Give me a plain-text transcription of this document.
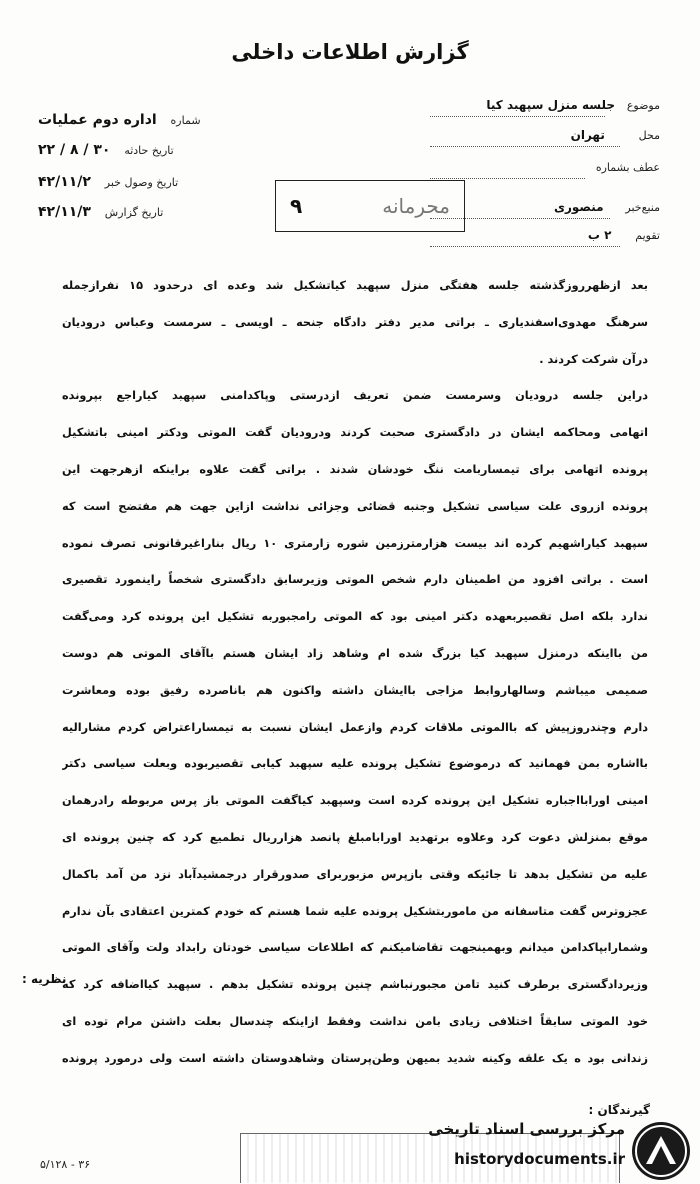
گزارش اطلاعات داخلی
موضوع جلسه منزل سپهبد کیا
محل تهران
عطف بشماره
منبع‌خبر منصوری
تقویم ۲ ب
شماره اداره دوم عملیات
تاریخ حادثه ۳۰ / ۸ / ۲۲
تاریخ وصول خبر ۴۲/۱۱/۲
تاریخ گزارش ۴۲/۱۱/۳	محرمانه
۹
بعد ازظهرروزگذشته جلسه هفتگی منزل سپهبد کیاتشکیل شد وعده ای درحدود ۱۵ نفرازجمله
سرهنگ مهدوی‌اسفندیاری ـ براتی مدیر دفتر دادگاه جنحه ـ اویسی ـ سرمست وعباس درودیان
درآن شرکت کردند .
دراین جلسه درودیان وسرمست ضمن تعریف ازدرستی وپاکدامنی سپهبد کیاراجع بپرونده
اتهامی ومحاکمه ایشان در دادگستری صحبت کردند ودرودیان گفت الموتی ودکتر امینی باتشکیل
پرونده اتهامی برای تیمساربامت ننگ خودشان شدند . براتی گفت علاوه براینکه ازهرجهت این
پرونده ازروی علت سیاسی تشکیل وجنبه قضائی وجزائی نداشت ازاین جهت هم مفتضح است که
سپهبد کیاراشهیم کرده اند بیست هزارمترزمین شوره زارمتری ۱۰ ریال بناراغیرقانونی تصرف نموده
است . براتی افزود من اطمینان دارم شخص الموتی وزیرسابق دادگستری شخصاً راینمورد تقصیری
ندارد بلکه اصل تقصیربعهده دکتر امینی بود که الموتی رامجبوربه تشکیل این پرونده کرد ومی‌گفت
من بااینکه درمنزل سپهبد کیا بزرگ شده ام وشاهد زاد ایشان هستم باآقای الموتی هم دوست
صمیمی میباشم وسالهاروابط مزاجی باایشان داشته واکنون هم باناصرده رفیق بوده ومعاشرت
دارم وچندروزپیش که باالموتی ملاقات کردم وازعمل ایشان نسبت به تیمساراعتراض کردم مشارالیه
بااشاره بمن فهمانید که درموضوع تشکیل پرونده علیه سپهبد کیابی تقصیربوده وبعلت سیاسی دکتر
امینی اورابااجباره تشکیل این پرونده کرده است وسپهبد کیاگفت الموتی باز پرس مربوطه رادرهمان
موقع بمنزلش دعوت کرد وعلاوه برتهدید اورابامبلغ پانصد هزارریال تطمیع کرد که چنین پرونده ای
علیه من تشکیل بدهد تا جائیکه وقتی بازپرس مزبوربرای صدورقرار درجمشیدآباد نزد من آمد باکمال
عجزوترس گفت متاسفانه من ماموربتشکیل پرونده علیه شما هستم که خودم کمترین اعتقادی بآن ندارم
وشمارابپاکدامن میدانم وبهمینجهت تقاضامیکنم که اطلاعات سیاسی خودتان رابداد ولت وآقای الموتی
وزیردادگستری برطرف کنید تامن مجبورنباشم چنین پرونده تشکیل بدهم . سپهبد کیااضافه کرد که
خود الموتی سابقاً اختلافی زیادی بامن نداشت وفقط ازاینکه چندسال بعلت داشتن مرام توده ای
زندانی بود ه یک علقه وکینه شدید بمیهن وطن‌پرستان وشاهدوستان داشته است ولی درمورد پرونده
نظریه :
گیرندگان :
۵/۱۲۸ - ۳۶
مرکز بررسی اسناد تاریخی
historydocuments.ir
